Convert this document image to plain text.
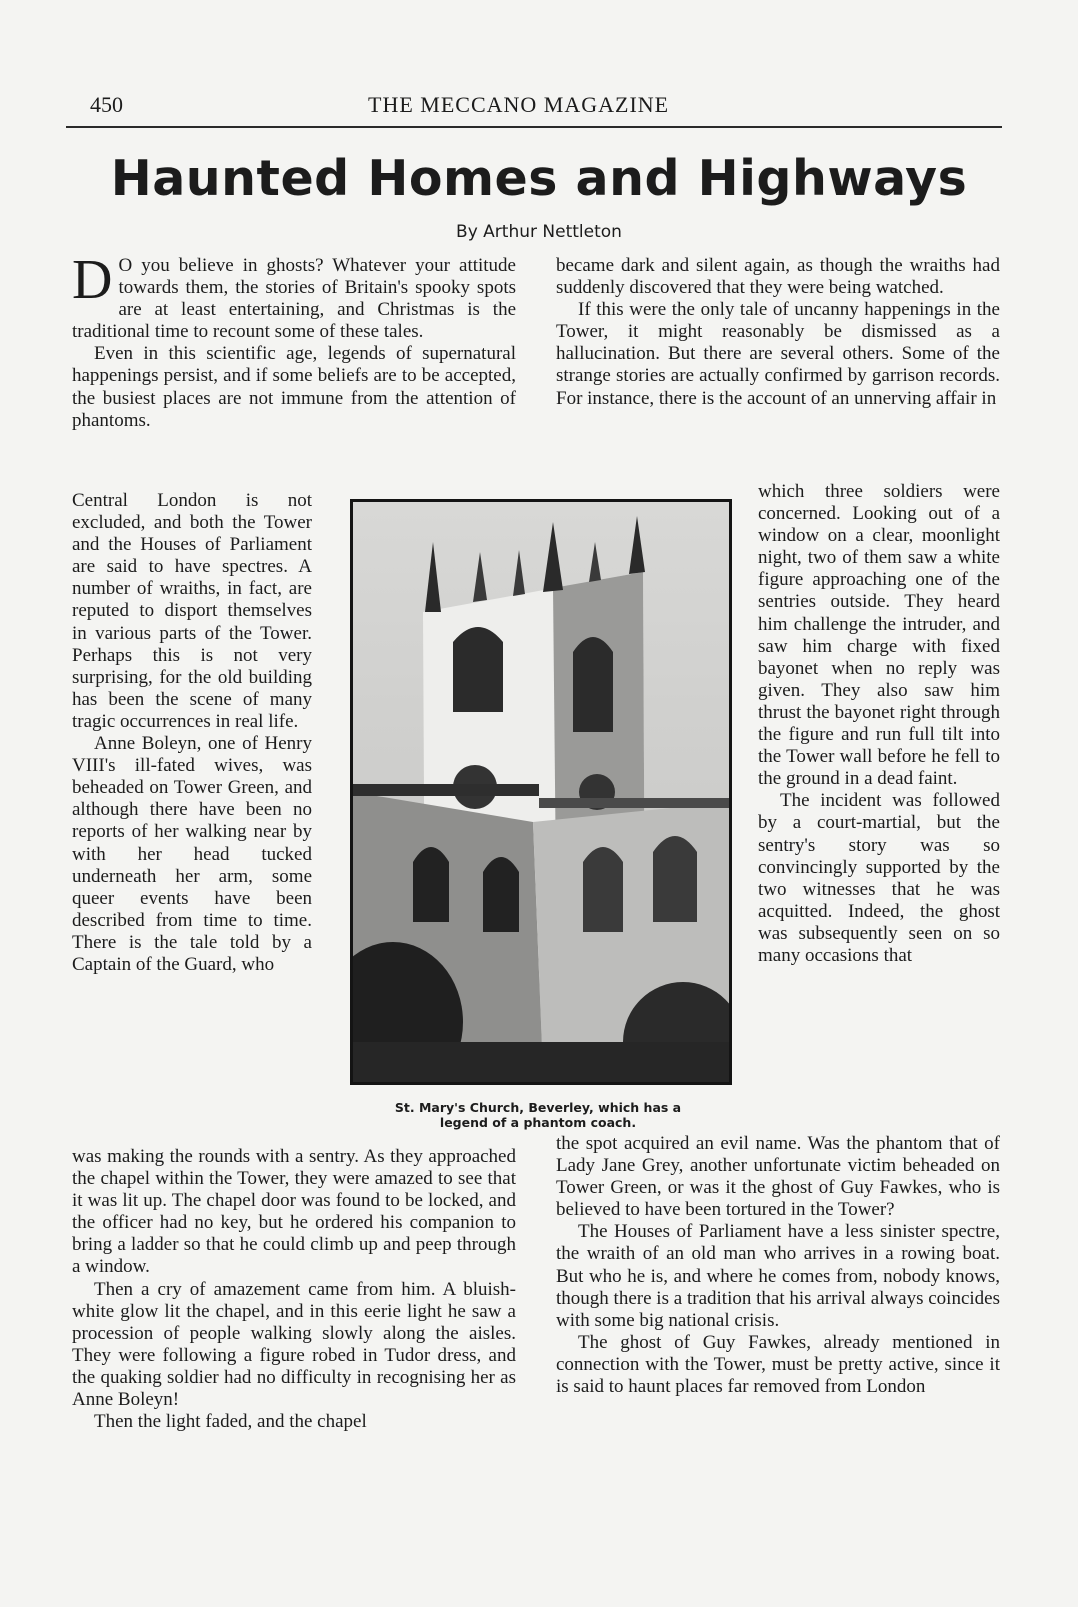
450	THE MECCANO MAGAZINE
Haunted Homes and Highways
By Arthur Nettleton

D O you believe in ghosts? Whatever your attitude towards them, the stories of Britain's spooky spots are at least entertaining, and Christmas is the traditional time to recount some of these tales.

Even in this scientific age, legends of supernatural happenings persist, and if some beliefs are to be accepted, the busiest places are not immune from the attention of phantoms.

Central London is not excluded, and both the Tower and the Houses of Parliament are said to have spectres. A number of wraiths, in fact, are reputed to disport themselves in various parts of the Tower. Perhaps this is not very surprising, for the old building has been the scene of many tragic occurrences in real life.

Anne Boleyn, one of Henry VIII's ill-fated wives, was beheaded on Tower Green, and although there have been no reports of her walking near by with her head tucked underneath her arm, some queer events have been described from time to time. There is the tale told by a Captain of the Guard, who

St. Mary's Church, Beverley, which has a
legend of a phantom coach.

was making the rounds with a sentry. As they approached the chapel within the Tower, they were amazed to see that it was lit up. The chapel door was found to be locked, and the officer had no key, but he ordered his companion to bring a ladder so that he could climb up and peep through a window.

Then a cry of amazement came from him. A bluish-white glow lit the chapel, and in this eerie light he saw a procession of people walking slowly along the aisles. They were following a figure robed in Tudor dress, and the quaking soldier had no difficulty in recognising her as Anne Boleyn!

Then the light faded, and the chapel

became dark and silent again, as though the wraiths had suddenly discovered that they were being watched.

If this were the only tale of uncanny happenings in the Tower, it might reasonably be dismissed as a hallucination. But there are several others. Some of the strange stories are actually confirmed by garrison records. For instance, there is the account of an unnerving affair in

which three soldiers were concerned. Looking out of a window on a clear, moonlight night, two of them saw a white figure approaching one of the sentries outside. They heard him challenge the intruder, and saw him charge with fixed bayonet when no reply was given. They also saw him thrust the bayonet right through the figure and run full tilt into the Tower wall before he fell to the ground in a dead faint.

The incident was followed by a court-martial, but the sentry's story was so convincingly supported by the two witnesses that he was acquitted. Indeed, the ghost was subsequently seen on so many occasions that

the spot acquired an evil name. Was the phantom that of Lady Jane Grey, another unfortunate victim beheaded on Tower Green, or was it the ghost of Guy Fawkes, who is believed to have been tortured in the Tower?

The Houses of Parliament have a less sinister spectre, the wraith of an old man who arrives in a rowing boat. But who he is, and where he comes from, nobody knows, though there is a tradition that his arrival always coincides with some big national crisis.

The ghost of Guy Fawkes, already mentioned in connection with the Tower, must be pretty active, since it is said to haunt places far removed from London
